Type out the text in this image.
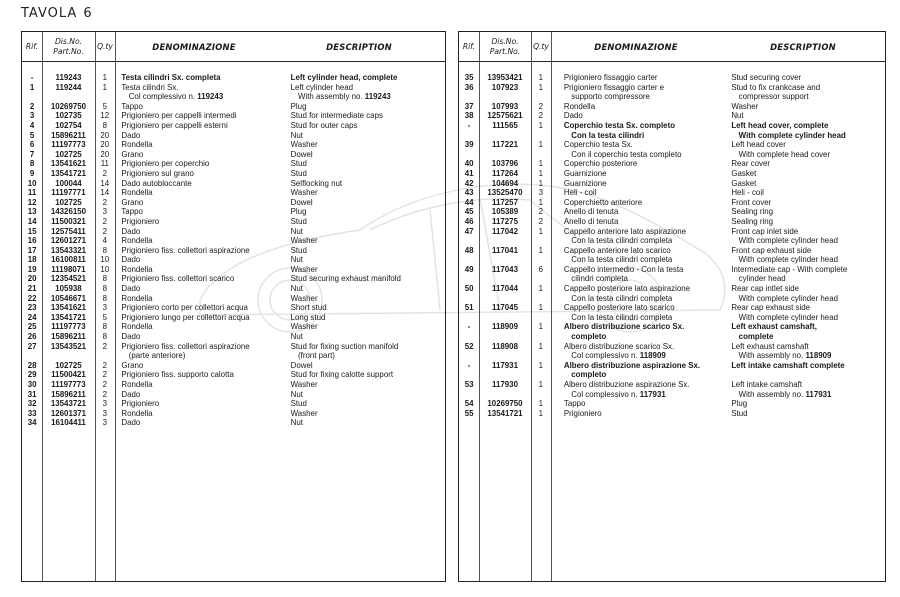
TAVOLA 6
Rif.
Dis.No.
Part.No.
Q.ty	DENOMINAZIONE	DESCRIPTION
-	119243	1	Testa cilindri Sx. completa	Left cylinder head, complete
1	119244	1	Testa cilindri Sx.	Left cylinder head
Col complessivo n. 119243	With assembly no. 119243
2	10269750	5	Tappo	Plug
3	102735	12	Prigioniero per cappelli intermedi	Stud for intermediate caps
4	102754	8	Prigioniero per cappelli esterni	Stud for outer caps
5	15896211	20	Dado	Nut
6	11197773	20	Rondella	Washer
7	102725	20	Grano	Dowel
8	13541621	11	Prigioniero per coperchio	Stud
9	13541721	2	Prigioniero sul grano	Stud
10	100044	14	Dado autobloccante	Selflocking nut
11	11197771	14	Rondella	Washer
12	102725	2	Grano	Dowel
13	14326150	3	Tappo	Plug
14	11500321	2	Prigioniero	Stud
15	12575411	2	Dado	Nut
16	12601271	4	Rondella	Washer
17	13543321	8	Prigioniero fiss. collettori aspirazione	Stud
18	16100811	10	Dado	Nut
19	11198071	10	Rondella	Washer
20	12354521	8	Prigioniero fiss. collettori scarico	Stud securing exhaust manifold
21	105938	8	Dado	Nut
22	10546671	8	Rondella	Washer
23	13541621	3	Prigioniero corto per collettori acqua	Short stud
24	13541721	5	Prigioniero lungo per collettori acqua	Long stud
25	11197773	8	Rondella	Washer
26	15896211	8	Dado	Nut
27	13543521	2	Prigioniero fiss. collettori aspirazione	Stud for fixing suction manifold
(parte anteriore)	(front part)
28	102725	2	Grano	Dowel
29	11500421	2	Prigioniero fiss. supporto calotta	Stud for fixing calotte support
30	11197773	2	Rondella	Washer
31	15896211	2	Dado	Nut
32	13543721	3	Prigioniero	Stud
33	12601371	3	Rondella	Washer
34	16104411	3	Dado	Nut
Rif.
Dis.No.
Part.No.
Q.ty	DENOMINAZIONE	DESCRIPTION
35	13953421	1	Prigioniero fissaggio carter	Stud securing cover
36	107923	1	Prigioniero fissaggio carter e	Stud to fix crankcase and
supporto compressore	compressor support
37	107993	2	Rondella	Washer
38	12575621	2	Dado	Nut
-	111565	1	Coperchio testa Sx. completo	Left head cover, complete
Con la testa cilindri	With complete cylinder head
39	117221	1	Coperchio testa Sx.	Left head cover
Con il coperchio testa completo	With complete head cover
40	103796	1	Coperchio posteriore	Rear cover
41	117264	1	Guarnizione	Gasket
42	104694	1	Guarnizione	Gasket
43	13525470	3	Heli - coil	Heli - coil
44	117257	1	Coperchietto anteriore	Front cover
45	105389	2	Anello di tenuta	Sealing ring
46	117275	2	Anello di tenuta	Sealing ring
47	117042	1	Cappello anteriore lato aspirazione	Front cap inlet side
Con la testa cilindri completa	With complete cylinder head
48	117041	1	Cappello anteriore lato scarico	Front cap exhaust side
Con la testa cilindri completa	With complete cylinder head
49	117043	6	Cappello intermedio - Con la testa	Intermediate cap - With complete
cilindri completa	cylinder head
50	117044	1	Cappello posteriore lato aspirazione	Rear cap intlet side
Con la testa cilindri completa	With complete cylinder head
51	117045	1	Cappello posteriore lato scarico	Rear cap exhaust side
Con la testa cilindri completa	With complete cylinder head
-	118909	1	Albero distribuzione scarico Sx.	Left exhaust camshaft,
completo	complete
52	118908	1	Albero distribuzione scarico Sx.	Left exhaust camshaft
Col complessivo n. 118909	With assembly no. 118909
-	117931	1	Albero distribuzione aspirazione Sx.	Left intake camshaft complete
completo
53	117930	1	Albero distribuzione aspirazione Sx.	Left intake camshaft
Col complessivo n. 117931	With assembly no. 117931
54	10269750	1	Tappo	Plug
55	13541721	1	Prigioniero	Stud
